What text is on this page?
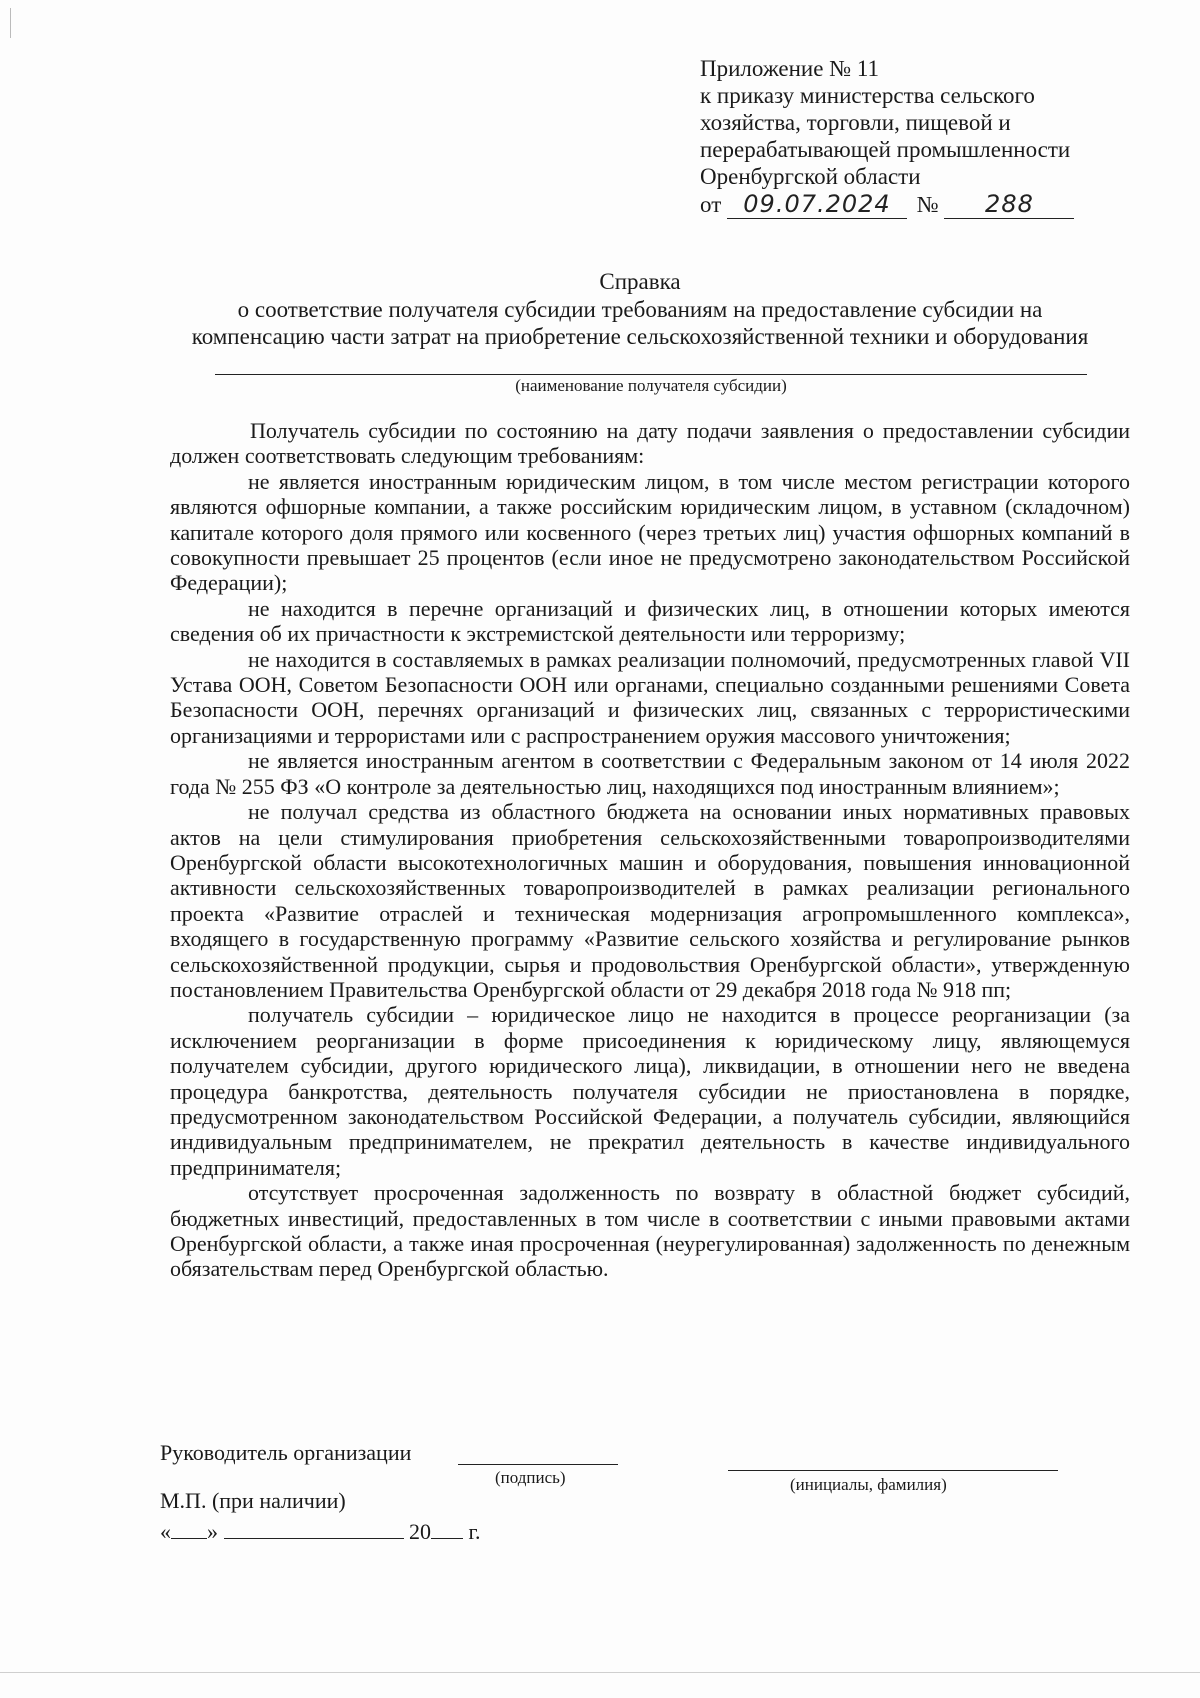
Приложение № 11
к приказу министерства сельского
хозяйства, торговли, пищевой и
перерабатывающей промышленности
Оренбургской области
от 09.07.2024 № 288
Справка
о соответствие получателя субсидии требованиям на предоставление субсидии на
компенсацию части затрат на приобретение сельскохозяйственной техники и оборудования
(наименование получателя субсидии)

Получатель субсидии по состоянию на дату подачи заявления о предоставлении субсидии должен соответствовать следующим требованиям:

не является иностранным юридическим лицом, в том числе местом регистрации которого являются офшорные компании, а также российским юридическим лицом, в уставном (складочном) капитале которого доля прямого или косвенного (через третьих лиц) участия офшорных компаний в совокупности превышает 25 процентов (если иное не предусмотрено законодательством Российской Федерации);

не находится в перечне организаций и физических лиц, в отношении которых имеются сведения об их причастности к экстремистской деятельности или терроризму;

не находится в составляемых в рамках реализации полномочий, предусмотренных главой VII Устава ООН, Советом Безопасности ООН или органами, специально созданными решениями Совета Безопасности ООН, перечнях организаций и физических лиц, связанных с террористическими организациями и террористами или с распространением оружия массового уничтожения;

не является иностранным агентом в соответствии с Федеральным законом от 14 июля 2022 года № 255 ФЗ «О контроле за деятельностью лиц, находящихся под иностранным влиянием»;

не получал средства из областного бюджета на основании иных нормативных правовых актов на цели стимулирования приобретения сельскохозяйственными товаропроизводителями Оренбургской области высокотехнологичных машин и оборудования, повышения инновационной активности сельскохозяйственных товаропроизводителей в рамках реализации регионального проекта «Развитие отраслей и техническая модернизация агропромышленного комплекса», входящего в государственную программу «Развитие сельского хозяйства и регулирование рынков сельскохозяйственной продукции, сырья и продовольствия Оренбургской области», утвержденную постановлением Правительства Оренбургской области от 29 декабря 2018 года № 918 пп;

получатель субсидии – юридическое лицо не находится в процессе реорганизации (за исключением реорганизации в форме присоединения к юридическому лицу, являющемуся получателем субсидии, другого юридического лица), ликвидации, в отношении него не введена процедура банкротства, деятельность получателя субсидии не приостановлена в порядке, предусмотренном законодательством Российской Федерации, а получатель субсидии, являющийся индивидуальным предпринимателем, не прекратил деятельность в качестве индивидуального предпринимателя;

отсутствует просроченная задолженность по возврату в областной бюджет субсидий, бюджетных инвестиций, предоставленных в том числе в соответствии с иными правовыми актами Оренбургской области, а также иная просроченная (неурегулированная) задолженность по денежным обязательствам перед Оренбургской областью.

Руководитель организации
(подпись)	(инициалы, фамилия)
М.П. (при наличии)
« »	20 г.
